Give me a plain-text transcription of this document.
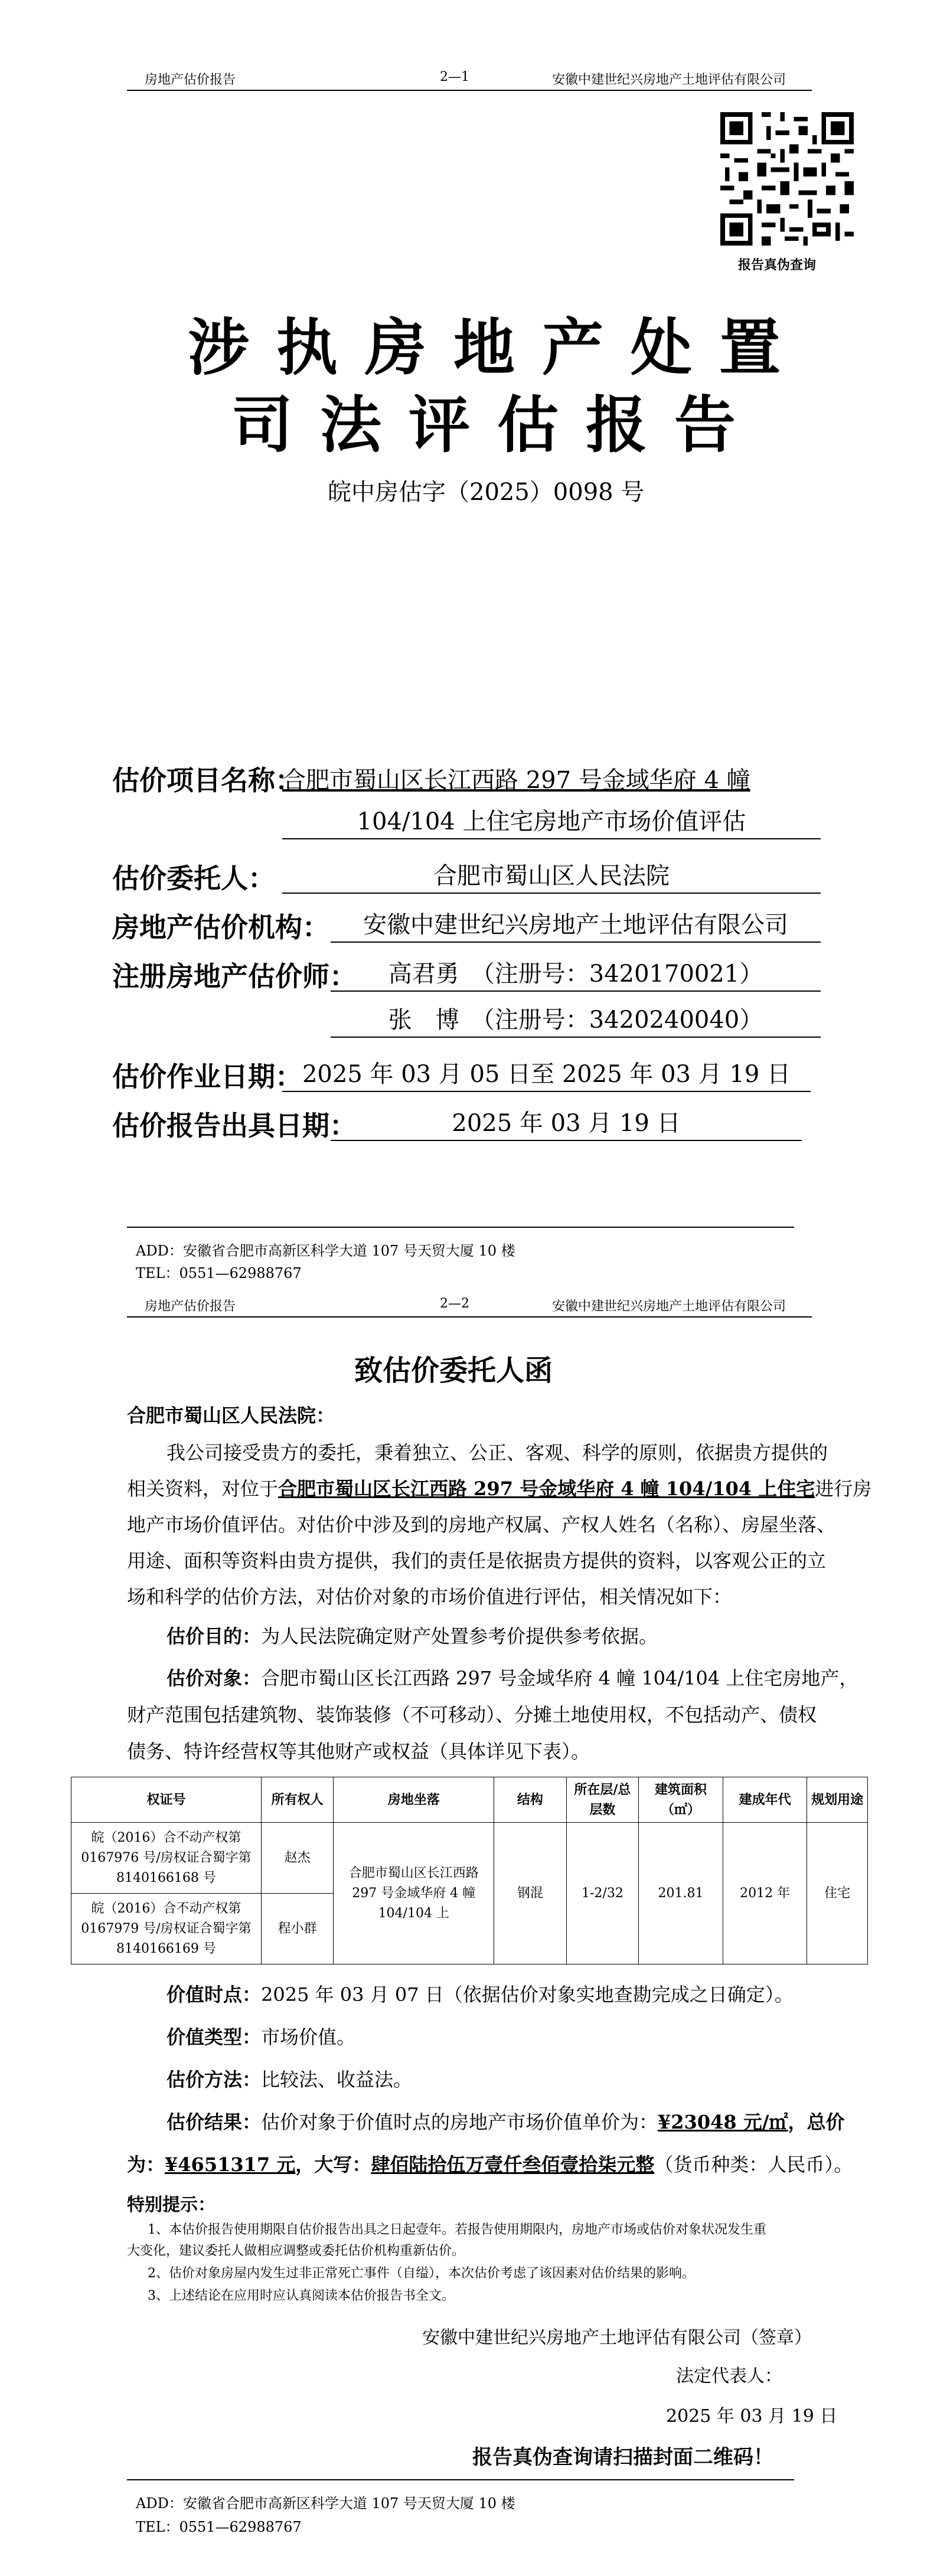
房地产估价报告	2—1	安徽中建世纪兴房地产土地评估有限公司
报告真伪查询
涉执房地产处置
司法评估报告
皖中房估字（2025）0098 号
估价项目名称：
合肥市蜀山区长江西路 297 号金域华府 4 幢
104/104 上住宅房地产市场价值评估
估价委托人：	合肥市蜀山区人民法院
房地产估价机构：	安徽中建世纪兴房地产土地评估有限公司
注册房地产估价师：	高君勇　（注册号：3420170021）
张　博　（注册号：3420240040）
估价作业日期： 2025 年 03 月 05 日至 2025 年 03 月 19 日
估价报告出具日期：	2025 年 03 月 19 日
ADD：安徽省合肥市高新区科学大道 107 号天贸大厦 10 楼
TEL：0551—62988767
房地产估价报告	2—2	安徽中建世纪兴房地产土地评估有限公司
致估价委托人函
合肥市蜀山区人民法院：
我公司接受贵方的委托，秉着独立、公正、客观、科学的原则，依据贵方提供的
相关资料，对位于合肥市蜀山区长江西路 297 号金域华府 4 幢 104/104 上住宅进行房
地产市场价值评估。对估价中涉及到的房地产权属、产权人姓名（名称）、房屋坐落、
用途、面积等资料由贵方提供，我们的责任是依据贵方提供的资料，以客观公正的立
场和科学的估价方法，对估价对象的市场价值进行评估，相关情况如下：
估价目的：为人民法院确定财产处置参考价提供参考依据。
估价对象：合肥市蜀山区长江西路 297 号金域华府 4 幢 104/104 上住宅房地产，
财产范围包括建筑物、装饰装修（不可移动）、分摊土地使用权，不包括动产、债权
债务、特许经营权等其他财产或权益（具体详见下表）。
权证号	所有权人	房地坐落	结构	所在层/总层数	建筑面积（㎡）	建成年代	规划用途
皖（2016）合不动产权第 0167976 号/房权证合蜀字第 8140166168 号	赵杰	合肥市蜀山区长江西路 297 号金域华府 4 幢 104/104 上	钢混	1-2/32	201.81	2012 年	住宅
皖（2016）合不动产权第 0167979 号/房权证合蜀字第 8140166169 号	程小群						
价值时点：2025 年 03 月 07 日（依据估价对象实地查勘完成之日确定）。
价值类型：市场价值。
估价方法：比较法、收益法。
估价结果：估价对象于价值时点的房地产市场价值单价为：¥23048 元/㎡，总价
为：¥4651317 元，大写：肆佰陆拾伍万壹仟叁佰壹拾柒元整（货币种类：人民币）。
特别提示：
1、本估价报告使用期限自估价报告出具之日起壹年。若报告使用期限内，房地产市场或估价对象状况发生重
大变化，建议委托人做相应调整或委托估价机构重新估价。
2、估价对象房屋内发生过非正常死亡事件（自缢），本次估价考虑了该因素对估价结果的影响。
3、上述结论在应用时应认真阅读本估价报告书全文。
安徽中建世纪兴房地产土地评估有限公司（签章）
法定代表人：
2025 年 03 月 19 日
报告真伪查询请扫描封面二维码！
ADD：安徽省合肥市高新区科学大道 107 号天贸大厦 10 楼
TEL：0551—62988767
